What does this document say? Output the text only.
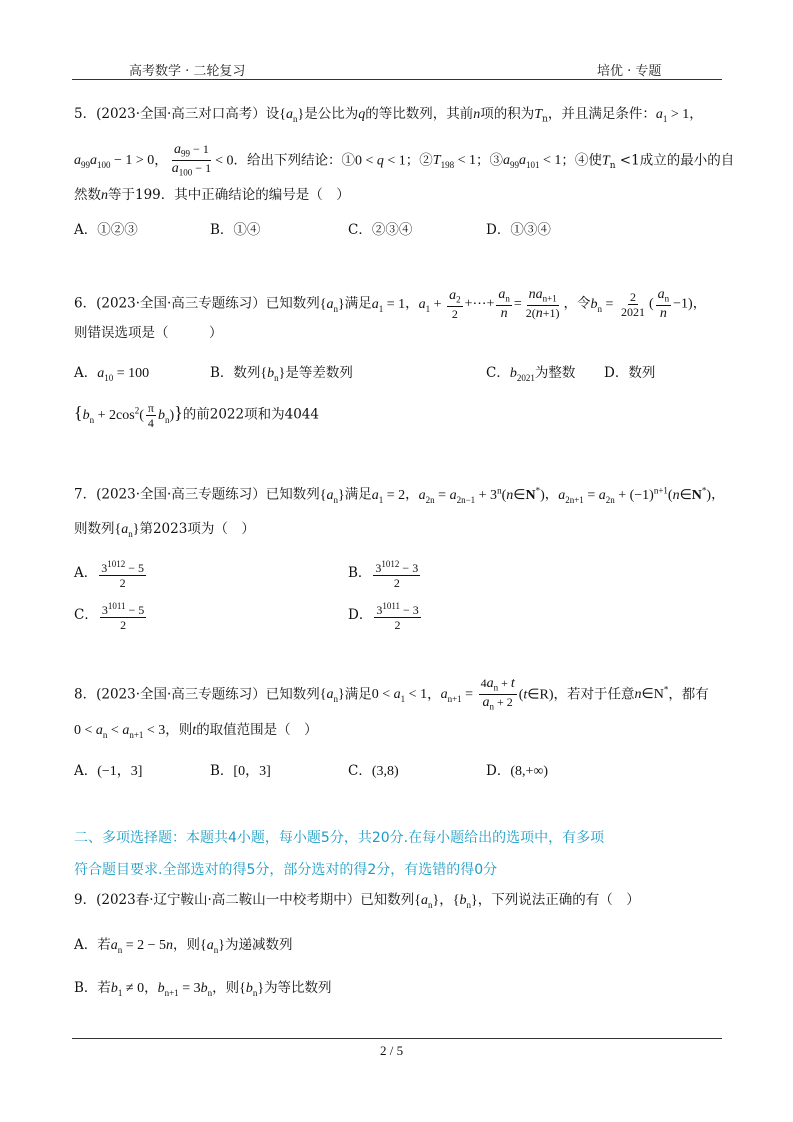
高考数学 · 二轮复习	培优 · 专题
5．(2023·全国·高三对口高考）设$\{a_n\}$是公比为q的等比数列，其前n项的积为$T_n$，并且满足条件：$a_1 > 1$，
$a_{99}a_{100} - 1 > 0$， $\frac{a_{99} - 1}{a_{100} - 1} < 0$．给出下列结论：①0 < q < 1；$②T_{198} < 1$；$③a_{99}a_{101} < 1$；④使$T_n <1$成立的最小的自
然数n等于199．其中正确结论的编号是（　）
A．①②③	B．①④	C．②③④	D．①③④
6．(2023·全国·高三专题练习）已知数列$\{a_n\}$满足$a_1 = 1$，$a_1 + \frac{a_2}{2}$ +⋯+ $\frac{a_n}{n} = \frac{na_{n+1}}{2(n+1)}$ ，令$b_n = \frac{2}{2021}$ ( $\frac{a_n}{n} -1$)，
则错误选项是（　　　）
A．$a_{10} = 100$	B．数列$\{b_n\}$是等差数列	C．$b_{2021}$为整数 D．数列
$\{b_n + 2\cos^2( \frac{\pi}{4} b_n)\}$的前2022项和为4044
7．(2023·全国·高三专题练习）已知数列$\{a_n\}$满足$a_1 = 2$，$a_{2n} = a_{2n-1}$ + $3^n(n\in N^*)$，$a_{2n+1} = a_{2n}$ + $(-1)^{n+1}(n\in N^*)$，
则数列$\{a_n\}$第2023项为（　）
A． $\frac{3^{1012} - 5}{2}$	B． $\frac{3^{1012} - 3}{2}$
C． $\frac{3^{1011} - 5}{2}$	D． $\frac{3^{1011} - 3}{2}$
8．(2023·全国·高三专题练习）已知数列$\{a_n\}$满足$0 < a_1 < 1$，$a_{n+1} = \frac{4a_n + t}{a_n + 2}$ (t∈R)，若对于任意n∈N*，都有
$0 < a_n < a_{n+1} < 3$，则t的取值范围是（　）
A．(−1，3]	B．[0，3]	C．(3,8)	D．(8,+∞)
二、多项选择题：本题共4小题，每小题5分，共20分.在每小题给出的选项中，有多项
符合题目要求.全部选对的得5分，部分选对的得2分，有选错的得0分
9．(2023春·辽宁鞍山·高二鞍山一中校考期中）已知数列$\{a_n\}$，$\{b_n\}$，下列说法正确的有（　）
A．若$a_n = 2 - 5n$，则$\{a_n\}$为递减数列
B．若$b_1 \ne 0$，$b_{n+1} = 3b_n$，则$\{b_n\}$为等比数列
2 / 5
